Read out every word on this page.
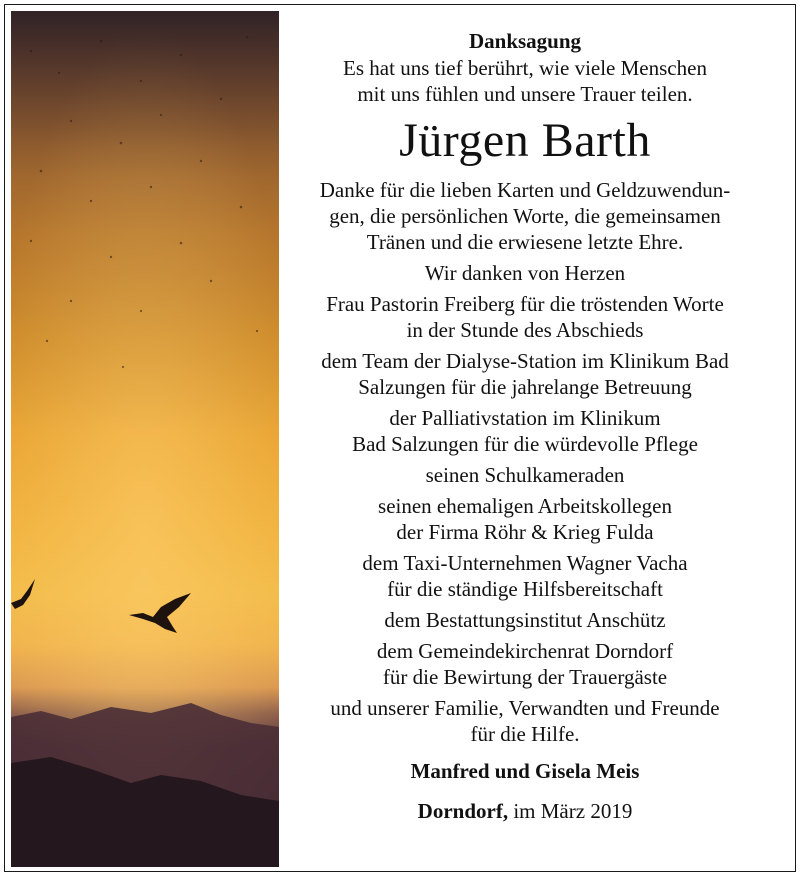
Danksagung
Es hat uns tief berührt, wie viele Menschen
mit uns fühlen und unsere Trauer teilen.
Jürgen Barth
Danke für die lieben Karten und Geldzuwendun-
gen, die persönlichen Worte, die gemeinsamen
Tränen und die erwiesene letzte Ehre.
Wir danken von Herzen
Frau Pastorin Freiberg für die tröstenden Worte
in der Stunde des Abschieds
dem Team der Dialyse-Station im Klinikum Bad
Salzungen für die jahrelange Betreuung
der Palliativstation im Klinikum
Bad Salzungen für die würdevolle Pflege
seinen Schulkameraden
seinen ehemaligen Arbeitskollegen
der Firma Röhr & Krieg Fulda
dem Taxi-Unternehmen Wagner Vacha
für die ständige Hilfsbereitschaft
dem Bestattungsinstitut Anschütz
dem Gemeindekirchenrat Dorndorf
für die Bewirtung der Trauergäste
und unserer Familie, Verwandten und Freunde
für die Hilfe.
Manfred und Gisela Meis
Dorndorf, im März 2019
